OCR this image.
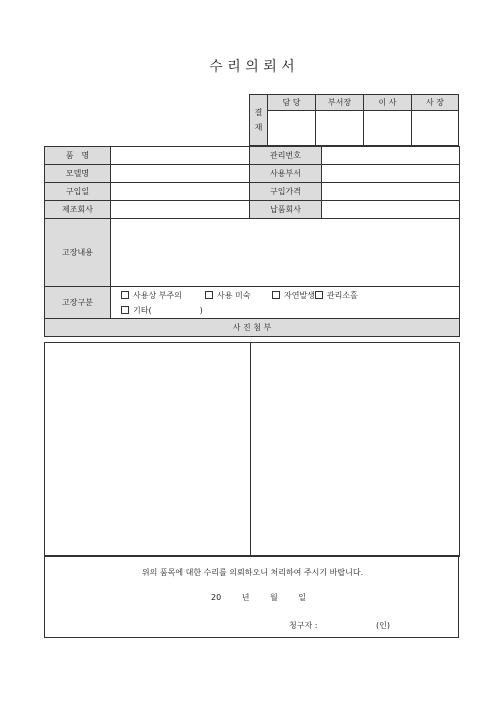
수 리 의 뢰 서
결
재	담 당	부서장	이 사	사 장

품　명		관리번호	
모델명		사용부서	
구입일		구입가격	
제조회사		납품회사	
고장내용			
고장구분	사용상 부주의 사용 미숙 자연발생 관리소홀
기타(　　　　　　)		

사 진 첨 부			

위의 품목에 대한 수리를 의뢰하오니 처리하여 주시기 바랍니다.
20 년 월 일
청구자 :	(인)
